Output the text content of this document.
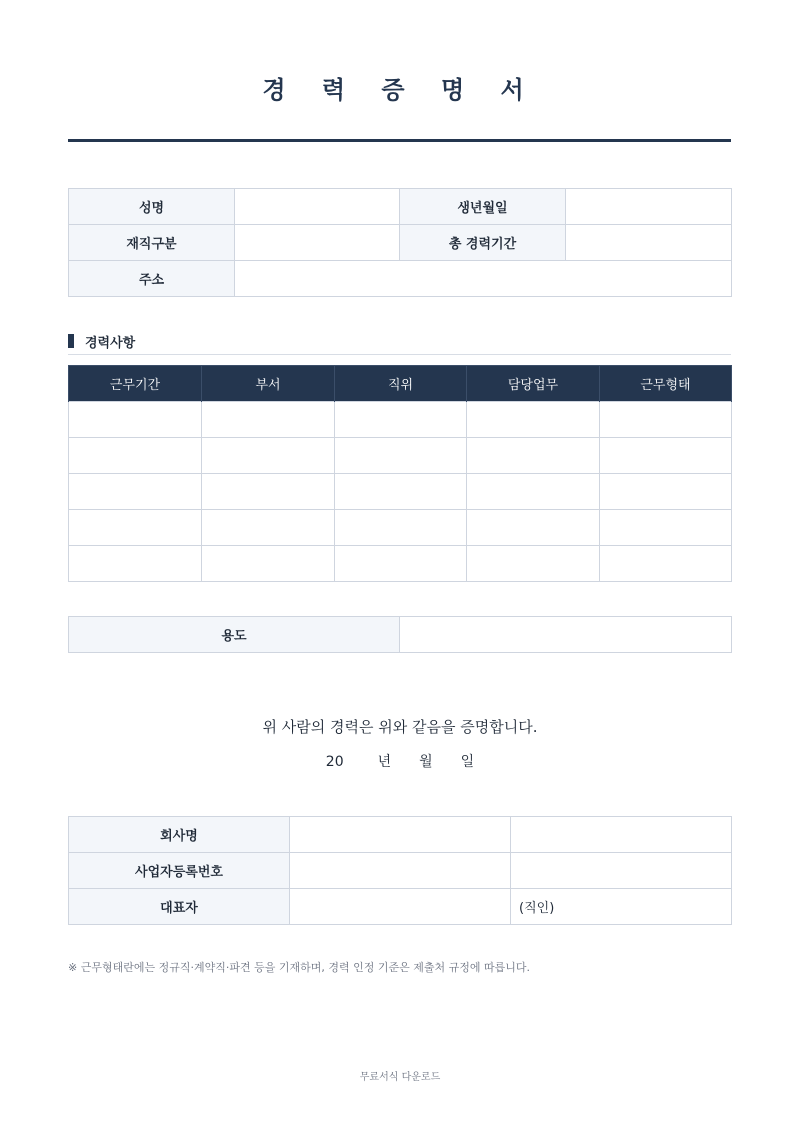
경 력 증 명 서
성명		생년월일	
재직구분		총 경력기간	
주소			
경력사항
근무기간	부서	직위	담당업무	근무형태

용도	
위 사람의 경력은 위와 같음을 증명합니다.
20 년 월 일
회사명		
사업자등록번호		
대표자		(직인)
※ 근무형태란에는 정규직·계약직·파견 등을 기재하며, 경력 인정 기준은 제출처 규정에 따릅니다.
무료서식 다운로드
